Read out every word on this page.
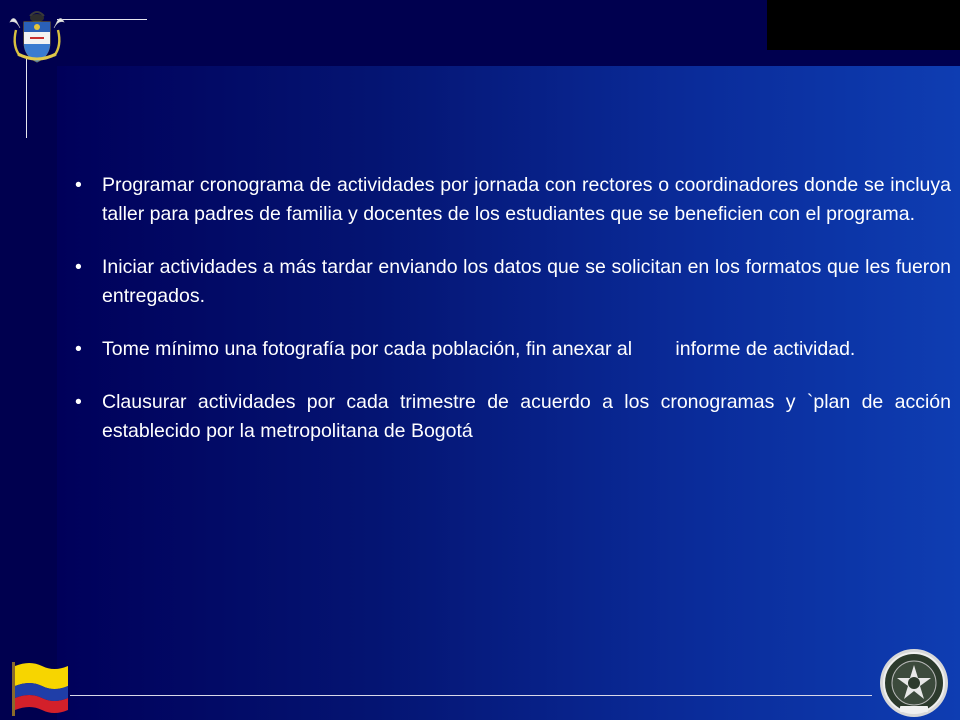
•	Programar cronograma de actividades por jornada con rectores o coordinadores donde se incluya taller para padres de familia y docentes de los estudiantes que se beneficien con el programa.
•	Iniciar actividades a más tardar enviando los datos que se solicitan en los formatos que les fueron entregados.
•	Tome mínimo una fotografía por cada población, fin anexar al        informe de actividad.
•	Clausurar actividades por cada trimestre de acuerdo a los cronogramas y `plan de acción establecido por la metropolitana de Bogotá
